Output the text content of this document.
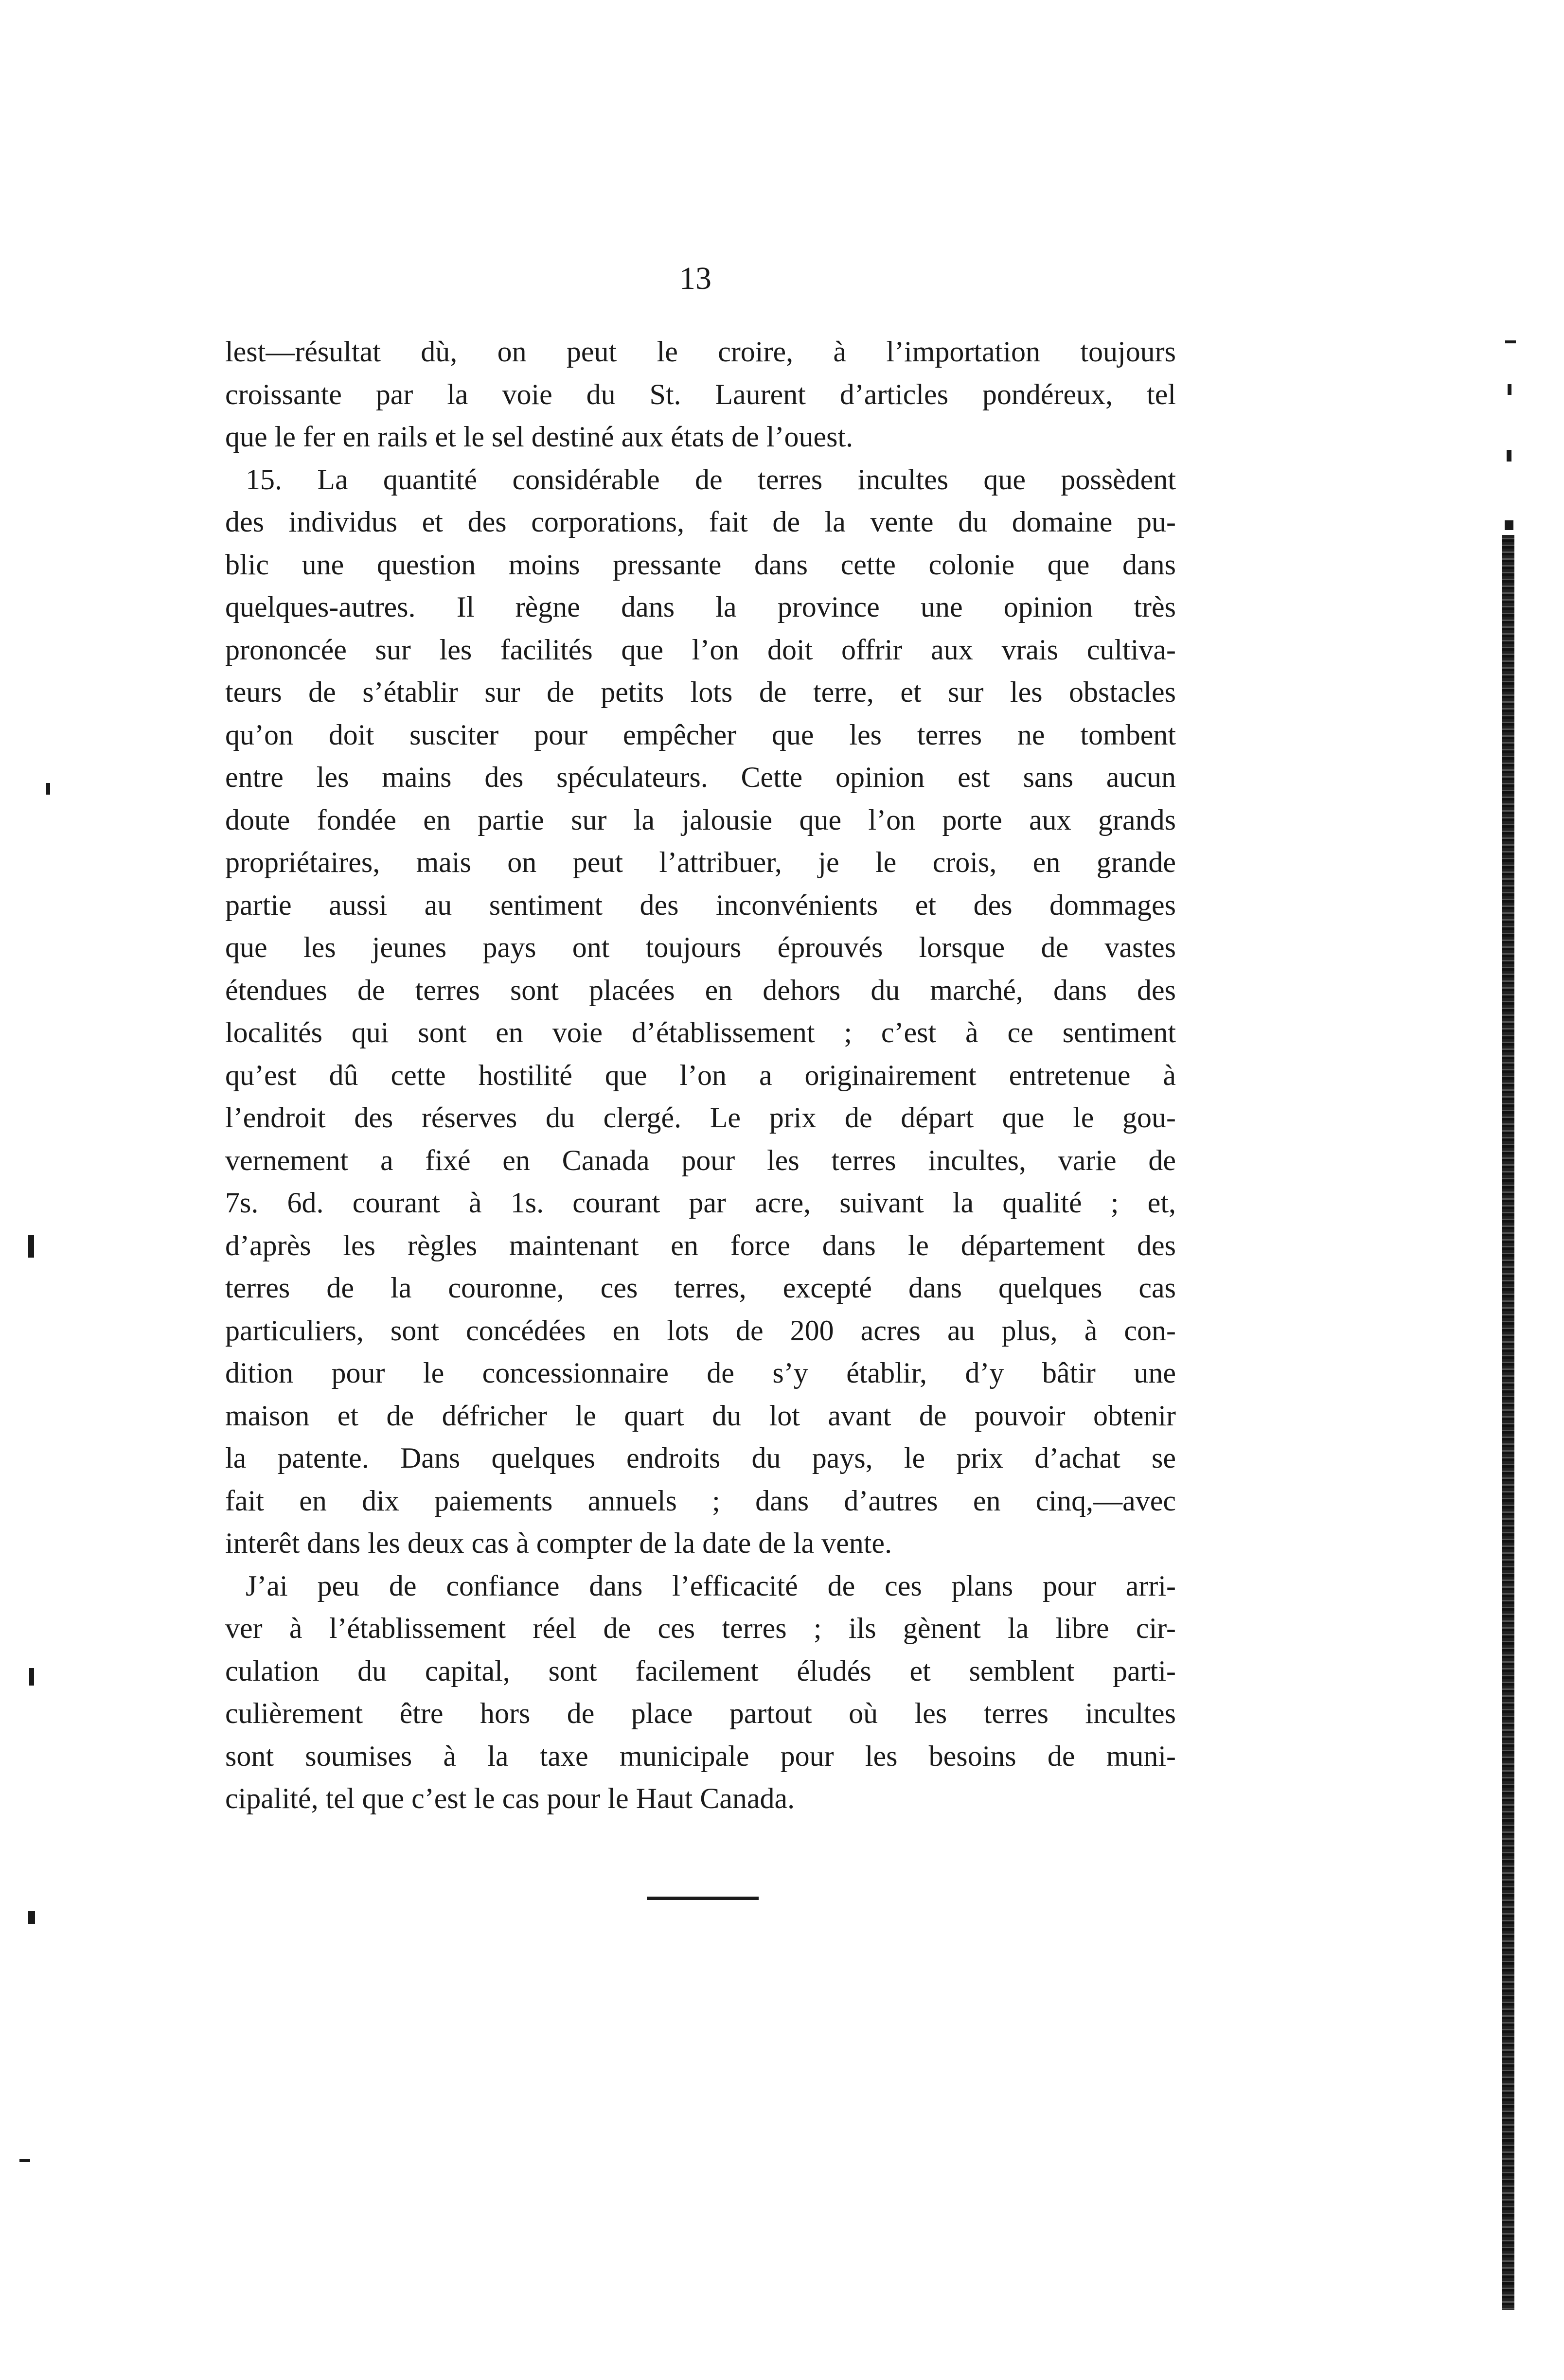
13
lest—résultat dù, on peut le croire, à l’importation toujours
croissante par la voie du St. Laurent d’articles pondéreux, tel
que le fer en rails et le sel destiné aux états de l’ouest.
15. La quantité considérable de terres incultes que possèdent
des individus et des corporations, fait de la vente du domaine pu-
blic une question moins pressante dans cette colonie que dans
quelques-autres. Il règne dans la province une opinion très
prononcée sur les facilités que l’on doit offrir aux vrais cultiva-
teurs de s’établir sur de petits lots de terre, et sur les obstacles
qu’on doit susciter pour empêcher que les terres ne tombent
entre les mains des spéculateurs. Cette opinion est sans aucun
doute fondée en partie sur la jalousie que l’on porte aux grands
propriétaires, mais on peut l’attribuer, je le crois, en grande
partie aussi au sentiment des inconvénients et des dommages
que les jeunes pays ont toujours éprouvés lorsque de vastes
étendues de terres sont placées en dehors du marché, dans des
localités qui sont en voie d’établissement ; c’est à ce sentiment
qu’est dû cette hostilité que l’on a originairement entretenue à
l’endroit des réserves du clergé. Le prix de départ que le gou-
vernement a fixé en Canada pour les terres incultes, varie de
7s. 6d. courant à 1s. courant par acre, suivant la qualité ; et,
d’après les règles maintenant en force dans le département des
terres de la couronne, ces terres, excepté dans quelques cas
particuliers, sont concédées en lots de 200 acres au plus, à con-
dition pour le concessionnaire de s’y établir, d’y bâtir une
maison et de défricher le quart du lot avant de pouvoir obtenir
la patente. Dans quelques endroits du pays, le prix d’achat se
fait en dix paiements annuels ; dans d’autres en cinq,—avec
interêt dans les deux cas à compter de la date de la vente.
J’ai peu de confiance dans l’efficacité de ces plans pour arri-
ver à l’établissement réel de ces terres ; ils gènent la libre cir-
culation du capital, sont facilement éludés et semblent parti-
culièrement être hors de place partout où les terres incultes
sont soumises à la taxe municipale pour les besoins de muni-
cipalité, tel que c’est le cas pour le Haut Canada.
